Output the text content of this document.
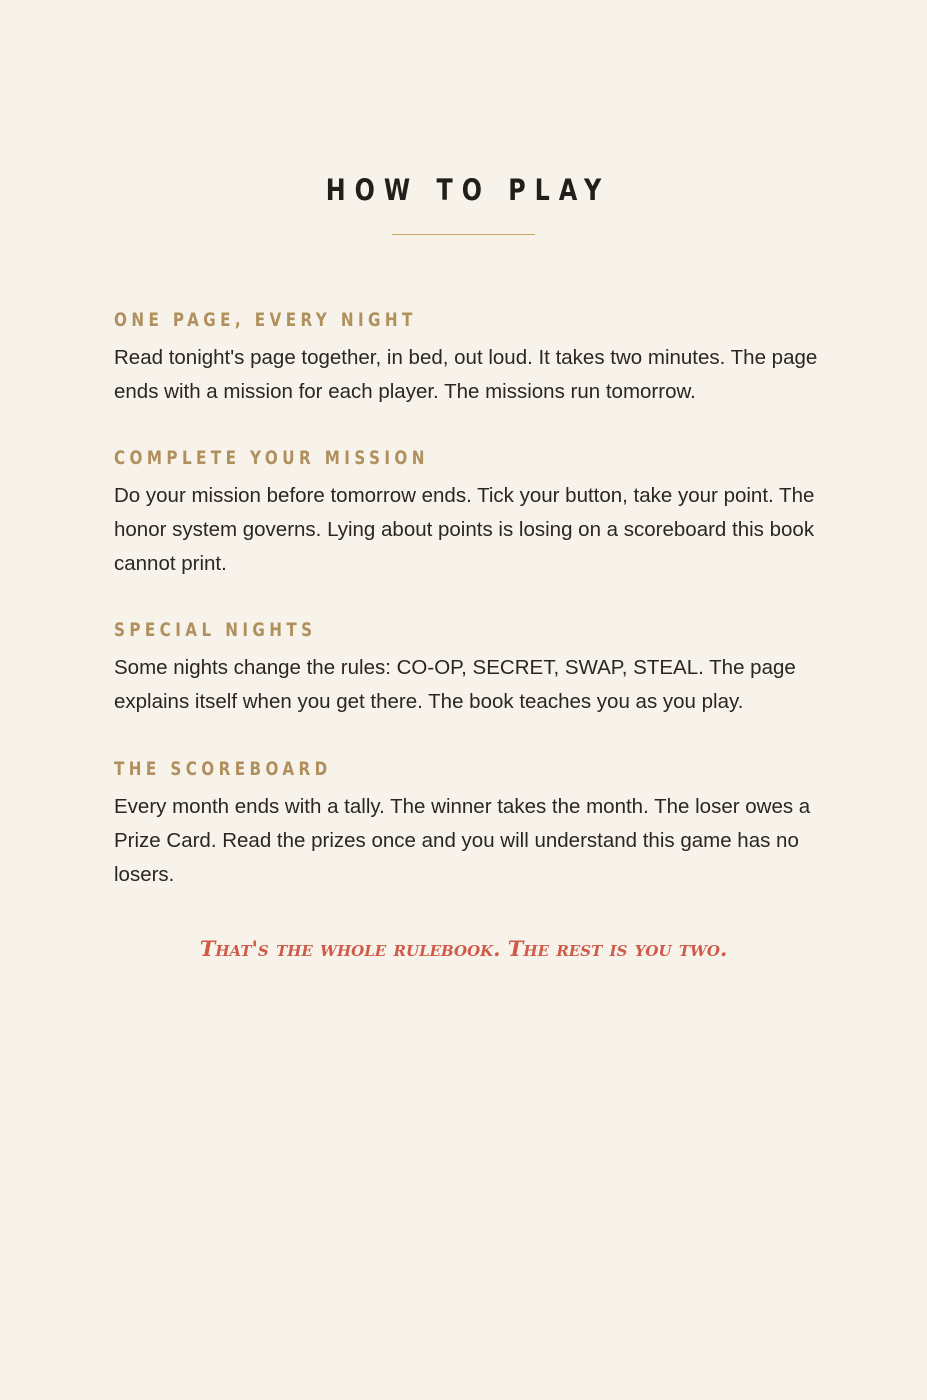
HOW TO PLAY
ONE PAGE, EVERY NIGHT
Read tonight's page together, in bed, out loud. It takes two minutes. The page ends with a mission for each player. The missions run tomorrow.
COMPLETE YOUR MISSION
Do your mission before tomorrow ends. Tick your button, take your point. The honor system governs. Lying about points is losing on a scoreboard this book cannot print.
SPECIAL NIGHTS
Some nights change the rules: CO-OP, SECRET, SWAP, STEAL. The page explains itself when you get there. The book teaches you as you play.
THE SCOREBOARD
Every month ends with a tally. The winner takes the month. The loser owes a Prize Card. Read the prizes once and you will understand this game has no losers.
That's the whole rulebook. The rest is you two.
